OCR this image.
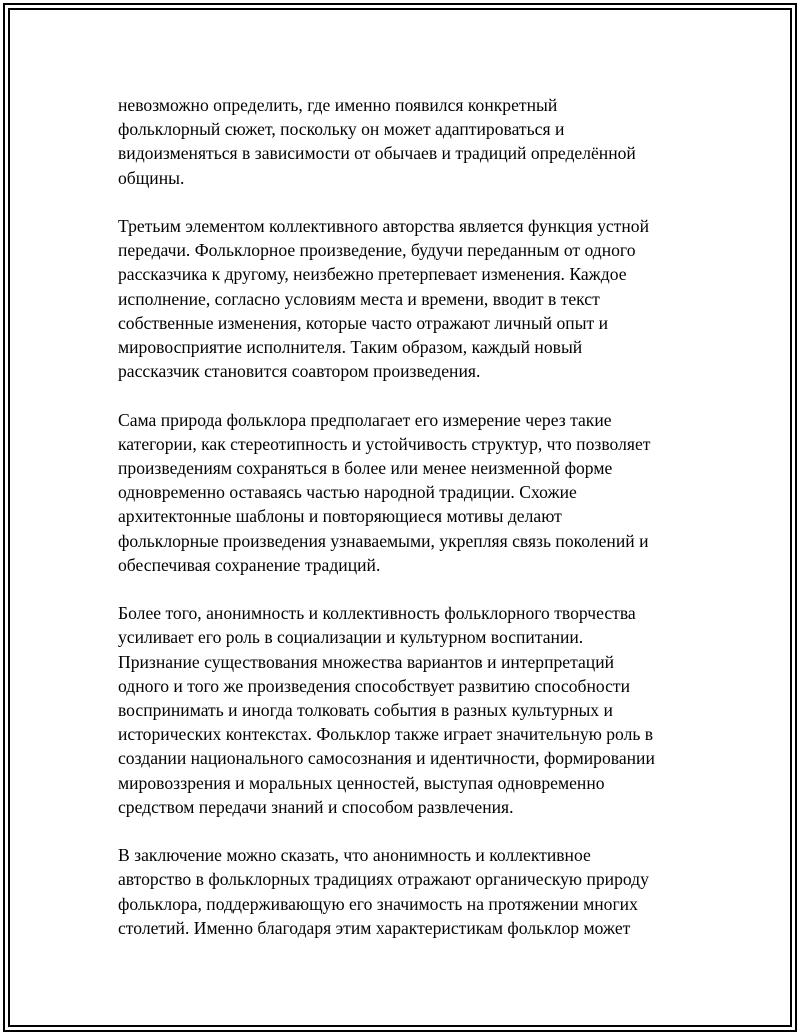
невозможно определить, где именно появился конкретный
фольклорный сюжет, поскольку он может адаптироваться и
видоизменяться в зависимости от обычаев и традиций определённой
общины.

Третьим элементом коллективного авторства является функция устной
передачи. Фольклорное произведение, будучи переданным от одного
рассказчика к другому, неизбежно претерпевает изменения. Каждое
исполнение, согласно условиям места и времени, вводит в текст
собственные изменения, которые часто отражают личный опыт и
мировосприятие исполнителя. Таким образом, каждый новый
рассказчик становится соавтором произведения.

Сама природа фольклора предполагает его измерение через такие
категории, как стереотипность и устойчивость структур, что позволяет
произведениям сохраняться в более или менее неизменной форме
одновременно оставаясь частью народной традиции. Схожие
архитектонные шаблоны и повторяющиеся мотивы делают
фольклорные произведения узнаваемыми, укрепляя связь поколений и
обеспечивая сохранение традиций.

Более того, анонимность и коллективность фольклорного творчества
усиливает его роль в социализации и культурном воспитании.
Признание существования множества вариантов и интерпретаций
одного и того же произведения способствует развитию способности
воспринимать и иногда толковать события в разных культурных и
исторических контекстах. Фольклор также играет значительную роль в
создании национального самосознания и идентичности, формировании
мировоззрения и моральных ценностей, выступая одновременно
средством передачи знаний и способом развлечения.

В заключение можно сказать, что анонимность и коллективное
авторство в фольклорных традициях отражают органическую природу
фольклора, поддерживающую его значимость на протяжении многих
столетий. Именно благодаря этим характеристикам фольклор может
